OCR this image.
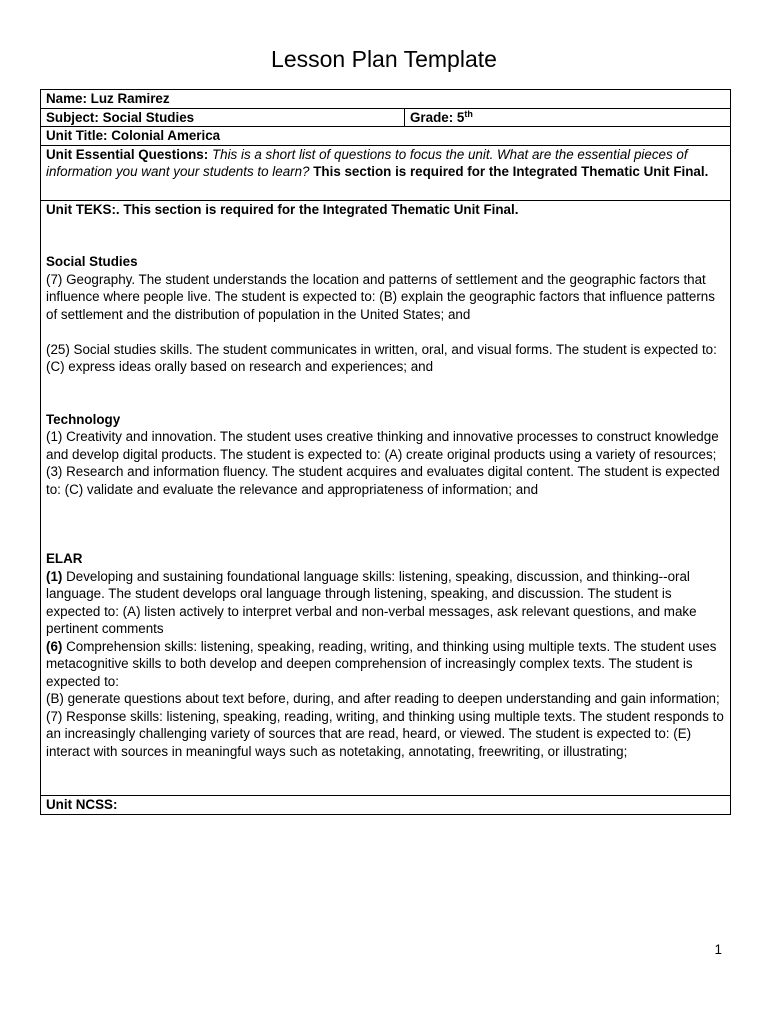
Lesson Plan Template
Name: Luz Ramirez
Subject: Social Studies	Grade: 5th
Unit Title: Colonial America
Unit Essential Questions: This is a short list of questions to focus the unit. What are the essential pieces of information you want your students to learn? This section is required for the Integrated Thematic Unit Final.

Unit TEKS:. This section is required for the Integrated Thematic Unit Final.
Social Studies
(7) Geography. The student understands the location and patterns of settlement and the geographic factors that influence where people live. The student is expected to: (B) explain the geographic factors that influence patterns of settlement and the distribution of population in the United States; and
(25) Social studies skills. The student communicates in written, oral, and visual forms. The student is expected to: (C) express ideas orally based on research and experiences; and
Technology
(1) Creativity and innovation. The student uses creative thinking and innovative processes to construct knowledge and develop digital products. The student is expected to: (A) create original products using a variety of resources;
(3) Research and information fluency. The student acquires and evaluates digital content. The student is expected to: (C) validate and evaluate the relevance and appropriateness of information; and
ELAR
(1) Developing and sustaining foundational language skills: listening, speaking, discussion, and thinking--oral language. The student develops oral language through listening, speaking, and discussion. The student is expected to: (A) listen actively to interpret verbal and non-verbal messages, ask relevant questions, and make pertinent comments
(6) Comprehension skills: listening, speaking, reading, writing, and thinking using multiple texts. The student uses metacognitive skills to both develop and deepen comprehension of increasingly complex texts. The student is expected to:
(B) generate questions about text before, during, and after reading to deepen understanding and gain information;
(7) Response skills: listening, speaking, reading, writing, and thinking using multiple texts. The student responds to an increasingly challenging variety of sources that are read, heard, or viewed. The student is expected to: (E) interact with sources in meaningful ways such as notetaking, annotating, freewriting, or illustrating;

Unit NCSS:
1
